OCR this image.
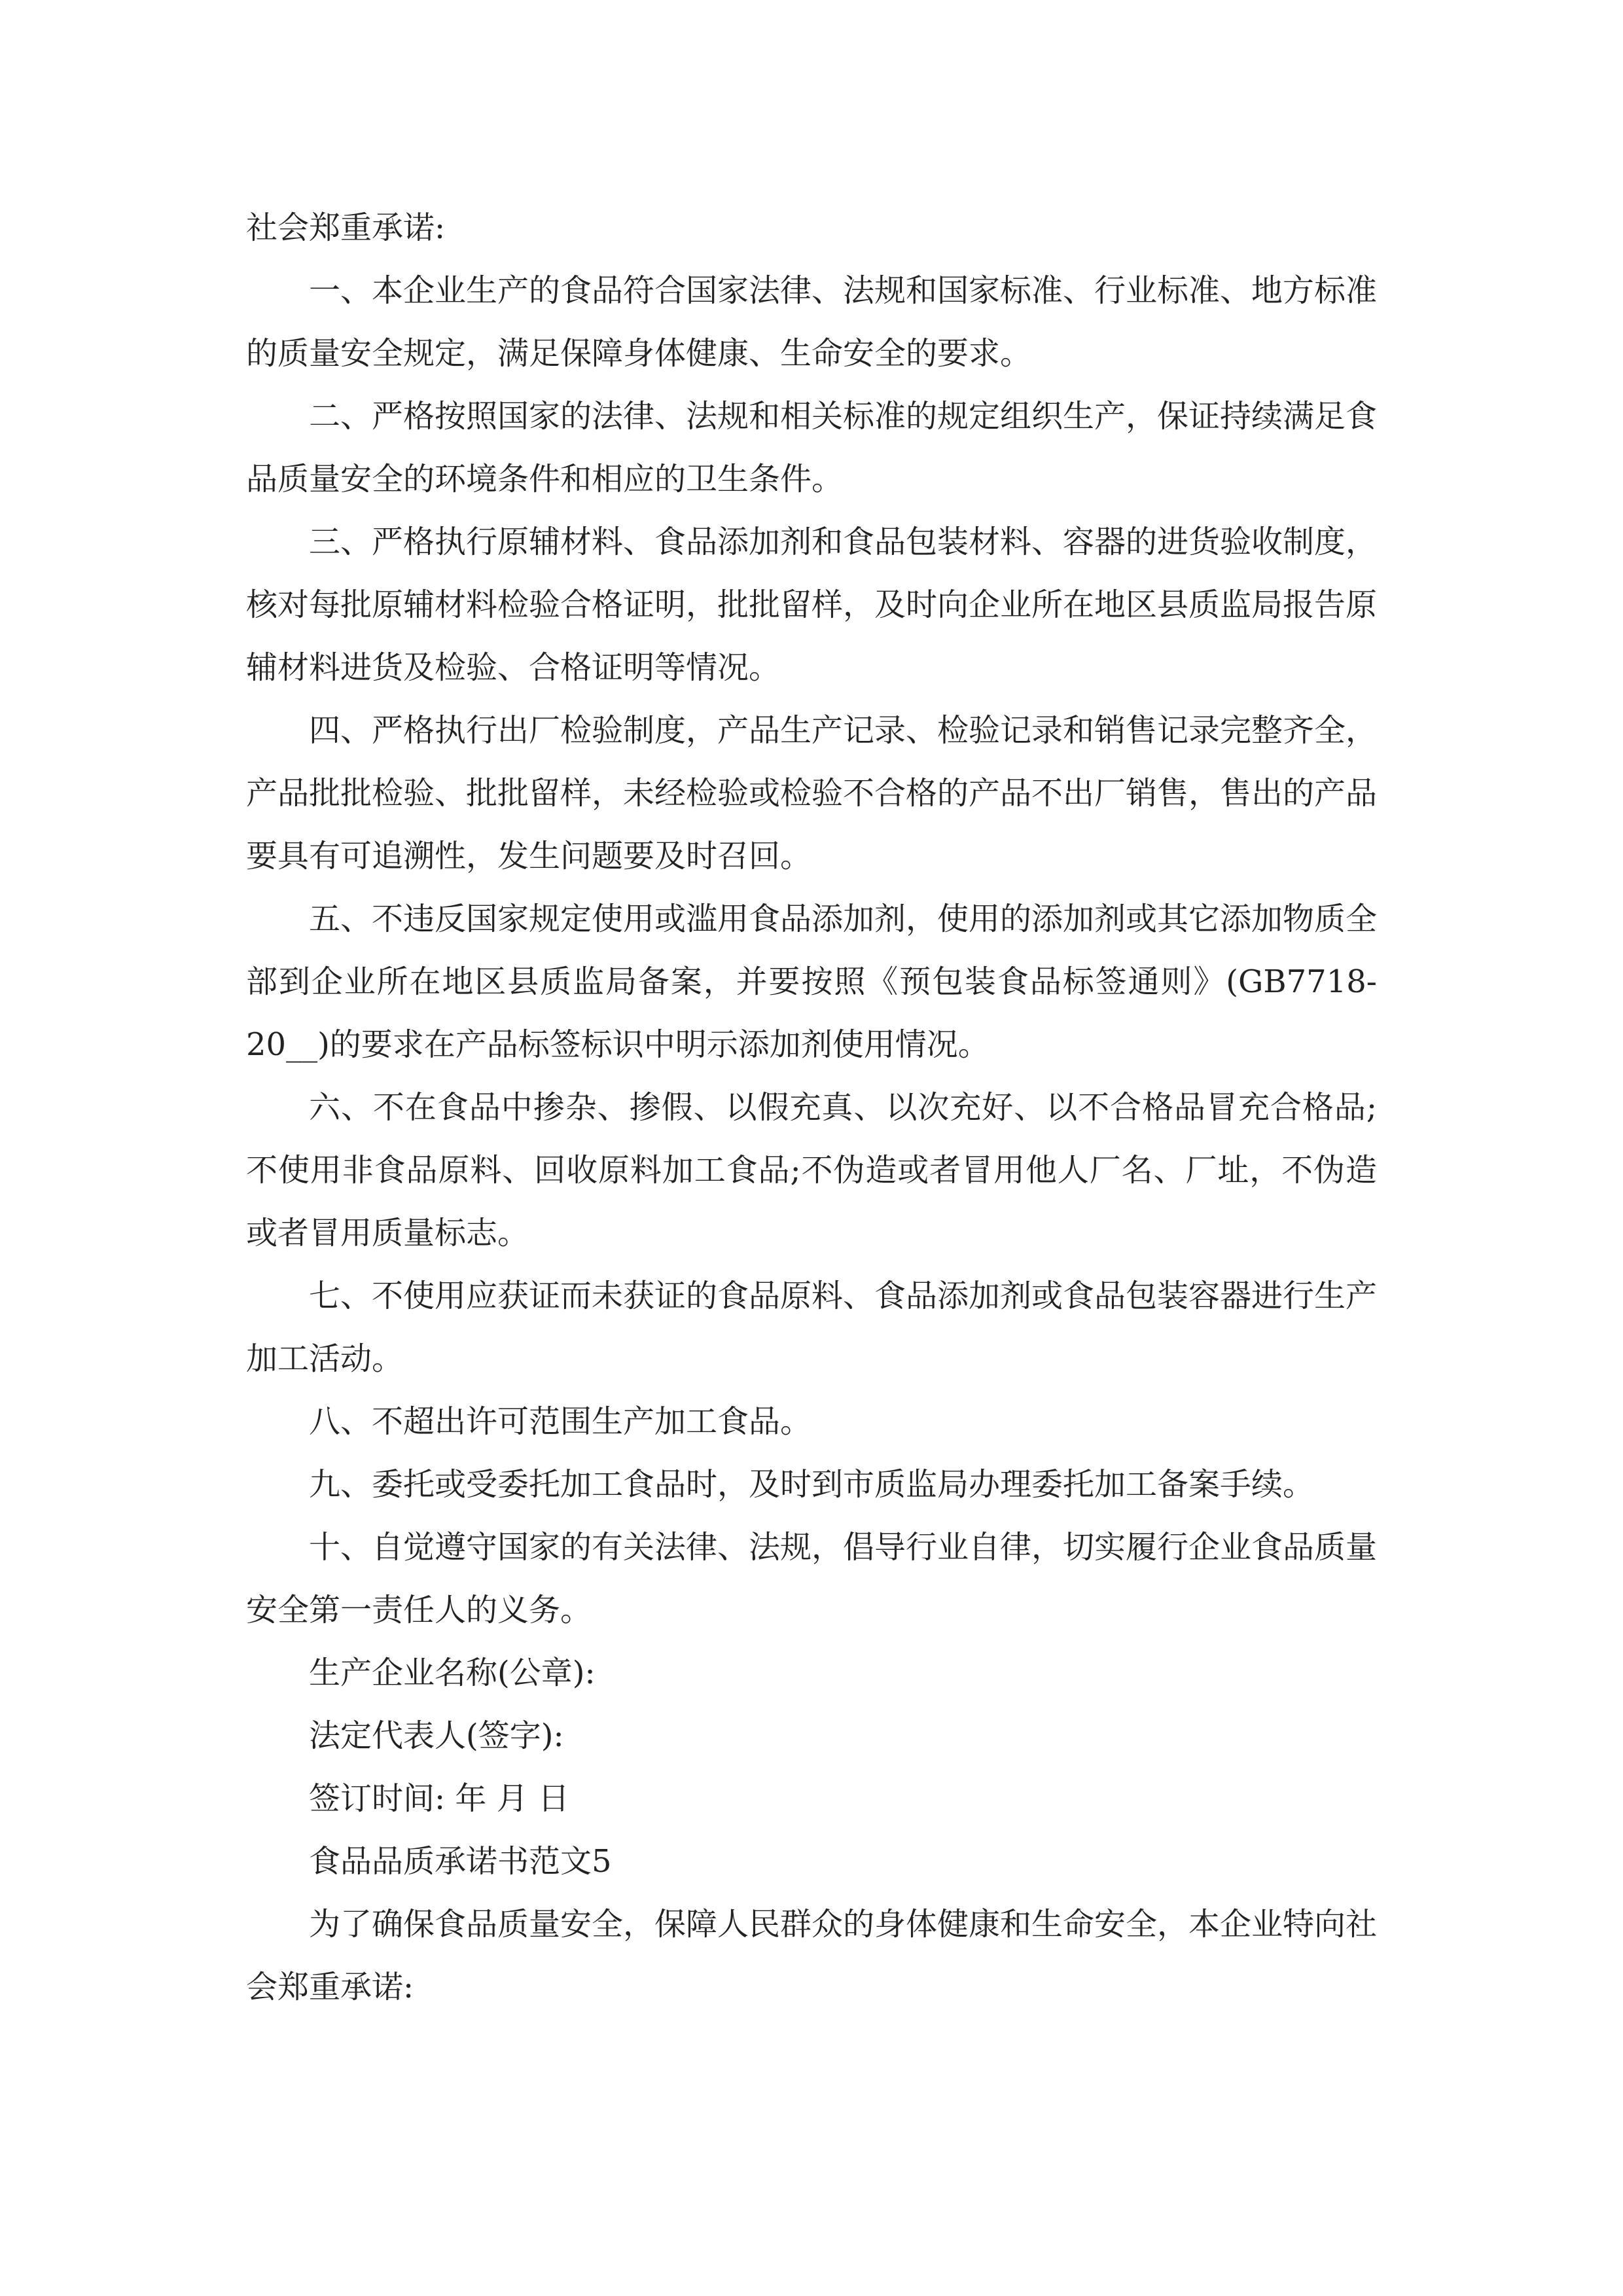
社会郑重承诺:

一、本企业生产的食品符合国家法律、法规和国家标准、行业标准、地方标准的质量安全规定，满足保障身体健康、生命安全的要求。

二、严格按照国家的法律、法规和相关标准的规定组织生产，保证持续满足食品质量安全的环境条件和相应的卫生条件。

三、严格执行原辅材料、食品添加剂和食品包装材料、容器的进货验收制度，核对每批原辅材料检验合格证明，批批留样，及时向企业所在地区县质监局报告原辅材料进货及检验、合格证明等情况。

四、严格执行出厂检验制度，产品生产记录、检验记录和销售记录完整齐全，产品批批检验、批批留样，未经检验或检验不合格的产品不出厂销售，售出的产品要具有可追溯性，发生问题要及时召回。

五、不违反国家规定使用或滥用食品添加剂，使用的添加剂或其它添加物质全部到企业所在地区县质监局备案，并要按照《预包装食品标签通则》(GB7718-20__)的要求在产品标签标识中明示添加剂使用情况。

六、不在食品中掺杂、掺假、以假充真、以次充好、以不合格品冒充合格品;不使用非食品原料、回收原料加工食品;不伪造或者冒用他人厂名、厂址，不伪造或者冒用质量标志。

七、不使用应获证而未获证的食品原料、食品添加剂或食品包装容器进行生产加工活动。

八、不超出许可范围生产加工食品。

九、委托或受委托加工食品时，及时到市质监局办理委托加工备案手续。

十、自觉遵守国家的有关法律、法规，倡导行业自律，切实履行企业食品质量安全第一责任人的义务。

生产企业名称(公章):

法定代表人(签字):

签订时间: 年 月 日

食品品质承诺书范文5

为了确保食品质量安全，保障人民群众的身体健康和生命安全，本企业特向社会郑重承诺:
